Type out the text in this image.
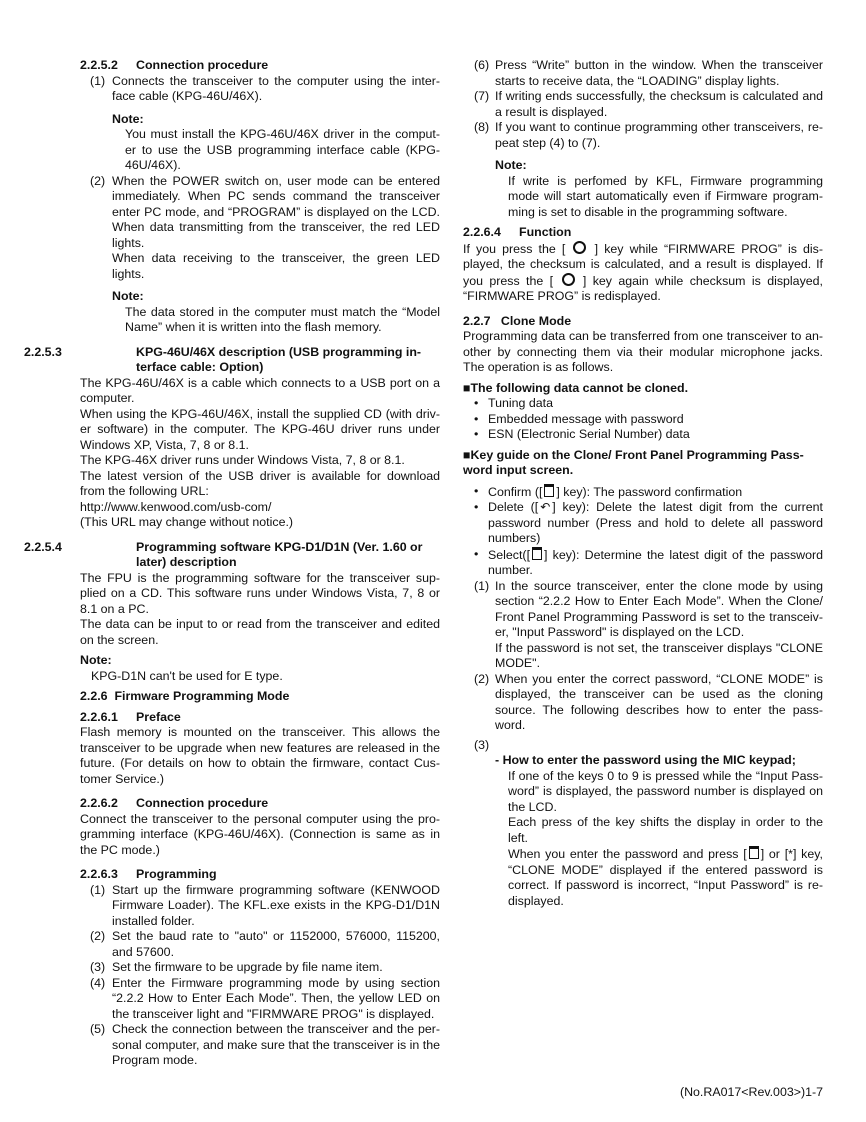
2.2.5.2 Connection procedure

(1) Connects the transceiver to the computer using the inter- face cable (KPG-46U/46X).

Note:

You must install the KPG-46U/46X driver in the comput- er to use the USB programming interface cable (KPG- 46U/46X).

(2) When the POWER switch on, user mode can be entered immediately. When PC sends command the transceiver enter PC mode, and “PROGRAM” is displayed on the LCD. When data transmitting from the transceiver, the red LED lights.

When data receiving to the transceiver, the green LED lights.

Note:

The data stored in the computer must match the “Model Name” when it is written into the flash memory.

2.2.5.3	KPG-46U/46X description (USB programming in- terface cable: Option)

The KPG-46U/46X is a cable which connects to a USB port on a computer.

When using the KPG-46U/46X, install the supplied CD (with driv- er software) in the computer. The KPG-46U driver runs under Windows XP, Vista, 7, 8 or 8.1.

The KPG-46X driver runs under Windows Vista, 7, 8 or 8.1.

The latest version of the USB driver is available for download from the following URL:

http://www.kenwood.com/usb-com/

(This URL may change without notice.)

2.2.5.4	Programming software KPG-D1/D1N (Ver. 1.60 or later) description

The FPU is the programming software for the transceiver sup- plied on a CD. This software runs under Windows Vista, 7, 8 or 8.1 on a PC.

The data can be input to or read from the transceiver and edited on the screen.

Note:

KPG-D1N can't be used for E type.

2.2.6 Firmware Programming Mode

2.2.6.1 Preface

Flash memory is mounted on the transceiver. This allows the transceiver to be upgrade when new features are released in the future. (For details on how to obtain the firmware, contact Cus- tomer Service.)

2.2.6.2 Connection procedure

Connect the transceiver to the personal computer using the pro- gramming interface (KPG-46U/46X). (Connection is same as in the PC mode.)

2.2.6.3 Programming

(1) Start up the firmware programming software (KENWOOD Firmware Loader). The KFL.exe exists in the KPG-D1/D1N installed folder.

(2) Set the baud rate to "auto" or 1152000, 576000, 115200, and 57600.

(3) Set the firmware to be upgrade by file name item.

(4) Enter the Firmware programming mode by using section “2.2.2 How to Enter Each Mode”. Then, the yellow LED on the transceiver light and "FIRMWARE PROG" is displayed.

(5) Check the connection between the transceiver and the per- sonal computer, and make sure that the transceiver is in the Program mode.

(6) Press “Write” button in the window. When the transceiver starts to receive data, the “LOADING” display lights.

(7) If writing ends successfully, the checksum is calculated and a result is displayed.

(8) If you want to continue programming other transceivers, re- peat step (4) to (7).

Note:

If write is perfomed by KFL, Firmware programming mode will start automatically even if Firmware program- ming is set to disable in the programming software.

2.2.6.4 Function

If you press the [ ] key while “FIRMWARE PROG” is dis- played, the checksum is calculated, and a result is displayed. If you press the [ ] key again while checksum is displayed, “FIRMWARE PROG” is redisplayed.

2.2.7 Clone Mode

Programming data can be transferred from one transceiver to an- other by connecting them via their modular microphone jacks. The operation is as follows.

■The following data cannot be cloned.

• Tuning data

• Embedded message with password

• ESN (Electronic Serial Number) data

■Key guide on the Clone/ Front Panel Programming Pass- word input screen.

• Confirm ([ ] key): The password confirmation

• Delete ([ ↶ ] key): Delete the latest digit from the current password number (Press and hold to delete all password numbers)

• Select([ ] key): Determine the latest digit of the password number.

(1) In the source transceiver, enter the clone mode by using section “2.2.2 How to Enter Each Mode”. When the Clone/ Front Panel Programming Password is set to the transceiv- er, "Input Password" is displayed on the LCD.

If the password is not set, the transceiver displays "CLONE MODE".

(2) When you enter the correct password, “CLONE MODE” is displayed, the transceiver can be used as the cloning source. The following describes how to enter the pass- word.

(3)

- How to enter the password using the MIC keypad;

If one of the keys 0 to 9 is pressed while the “Input Pass- word” is displayed, the password number is displayed on the LCD.

Each press of the key shifts the display in order to the left.

When you enter the password and press [ ] or [*] key, “CLONE MODE” displayed if the entered password is correct. If password is incorrect, “Input Password” is re- displayed.

(No.RA017<Rev.003>)1-7
